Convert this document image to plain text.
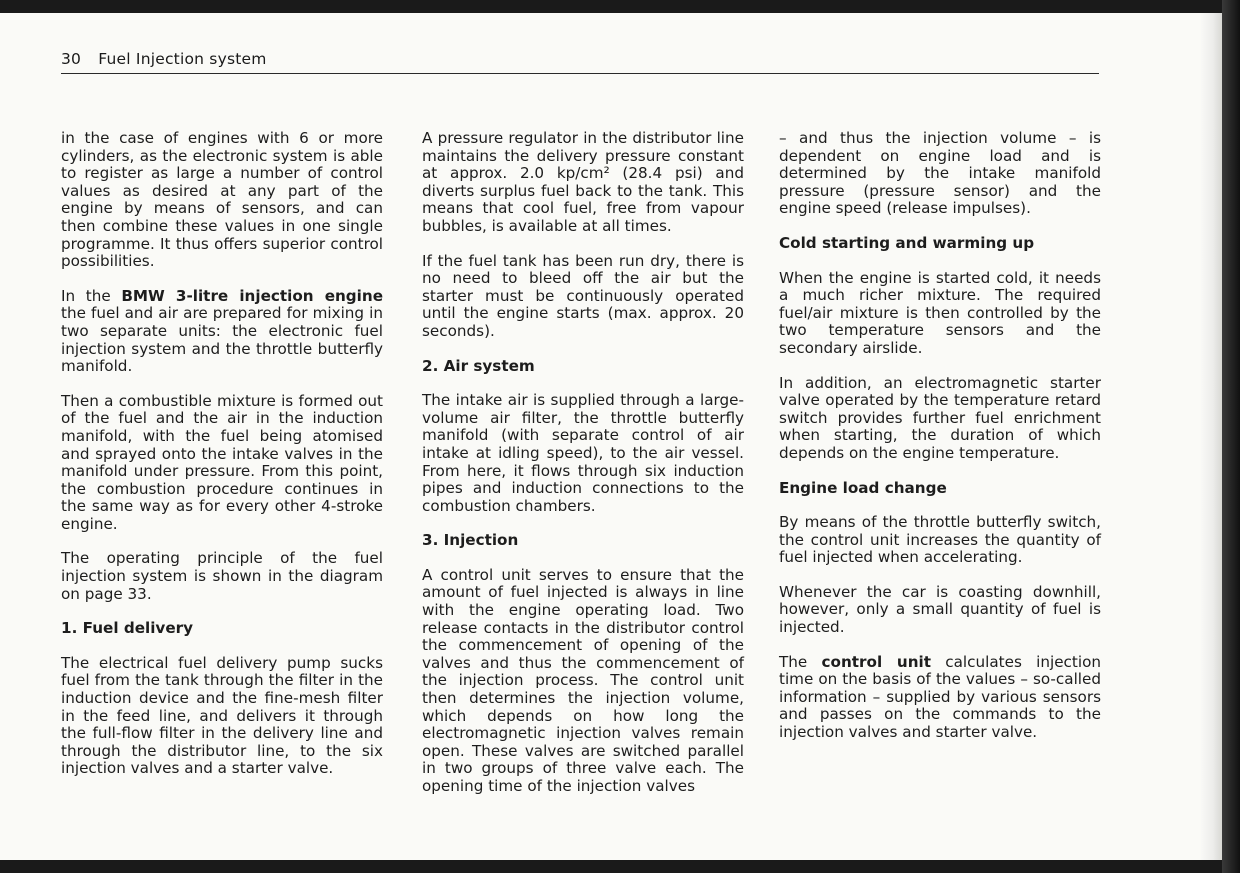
30 Fuel Injection system

in the case of engines with 6 or more cylinders, as the electronic system is able to register as large a number of control values as desired at any part of the engine by means of sensors, and can then combine these values in one single programme. It thus offers superior control possibilities.

In the BMW 3-litre injection engine the fuel and air are prepared for mixing in two separate units: the electronic fuel injection system and the throttle butterfly manifold.

Then a combustible mixture is formed out of the fuel and the air in the induction manifold, with the fuel being atomised and sprayed onto the intake valves in the manifold under pressure. From this point, the combustion procedure continues in the same way as for every other 4-stroke engine.

The operating principle of the fuel injection system is shown in the diagram on page 33.

1. Fuel delivery

The electrical fuel delivery pump sucks fuel from the tank through the filter in the induction device and the fine-mesh filter in the feed line, and delivers it through the full-flow filter in the delivery line and through the distributor line, to the six injection valves and a starter valve.

A pressure regulator in the distributor line maintains the delivery pressure constant at approx. 2.0 kp/cm² (28.4 psi) and diverts surplus fuel back to the tank. This means that cool fuel, free from vapour bubbles, is available at all times.

If the fuel tank has been run dry, there is no need to bleed off the air but the starter must be continuously operated until the engine starts (max. approx. 20 seconds).

2. Air system

The intake air is supplied through a large-volume air filter, the throttle butterfly manifold (with separate control of air intake at idling speed), to the air vessel. From here, it flows through six induction pipes and induction connections to the combustion chambers.

3. Injection

A control unit serves to ensure that the amount of fuel injected is always in line with the engine operating load. Two release contacts in the distributor control the commencement of opening of the valves and thus the commencement of the injection process. The control unit then determines the injection volume, which depends on how long the electromagnetic injection valves remain open. These valves are switched parallel in two groups of three valve each. The opening time of the injection valves

– and thus the injection volume – is dependent on engine load and is determined by the intake manifold pressure (pressure sensor) and the engine speed (release impulses).

Cold starting and warming up

When the engine is started cold, it needs a much richer mixture. The required fuel/air mixture is then controlled by the two temperature sensors and the secondary airslide.

In addition, an electromagnetic starter valve operated by the temperature retard switch provides further fuel enrichment when starting, the duration of which depends on the engine temperature.

Engine load change

By means of the throttle butterfly switch, the control unit increases the quantity of fuel injected when accelerating.

Whenever the car is coasting downhill, however, only a small quantity of fuel is injected.

The control unit calculates injection time on the basis of the values – so-called information – supplied by various sensors and passes on the commands to the injection valves and starter valve.
